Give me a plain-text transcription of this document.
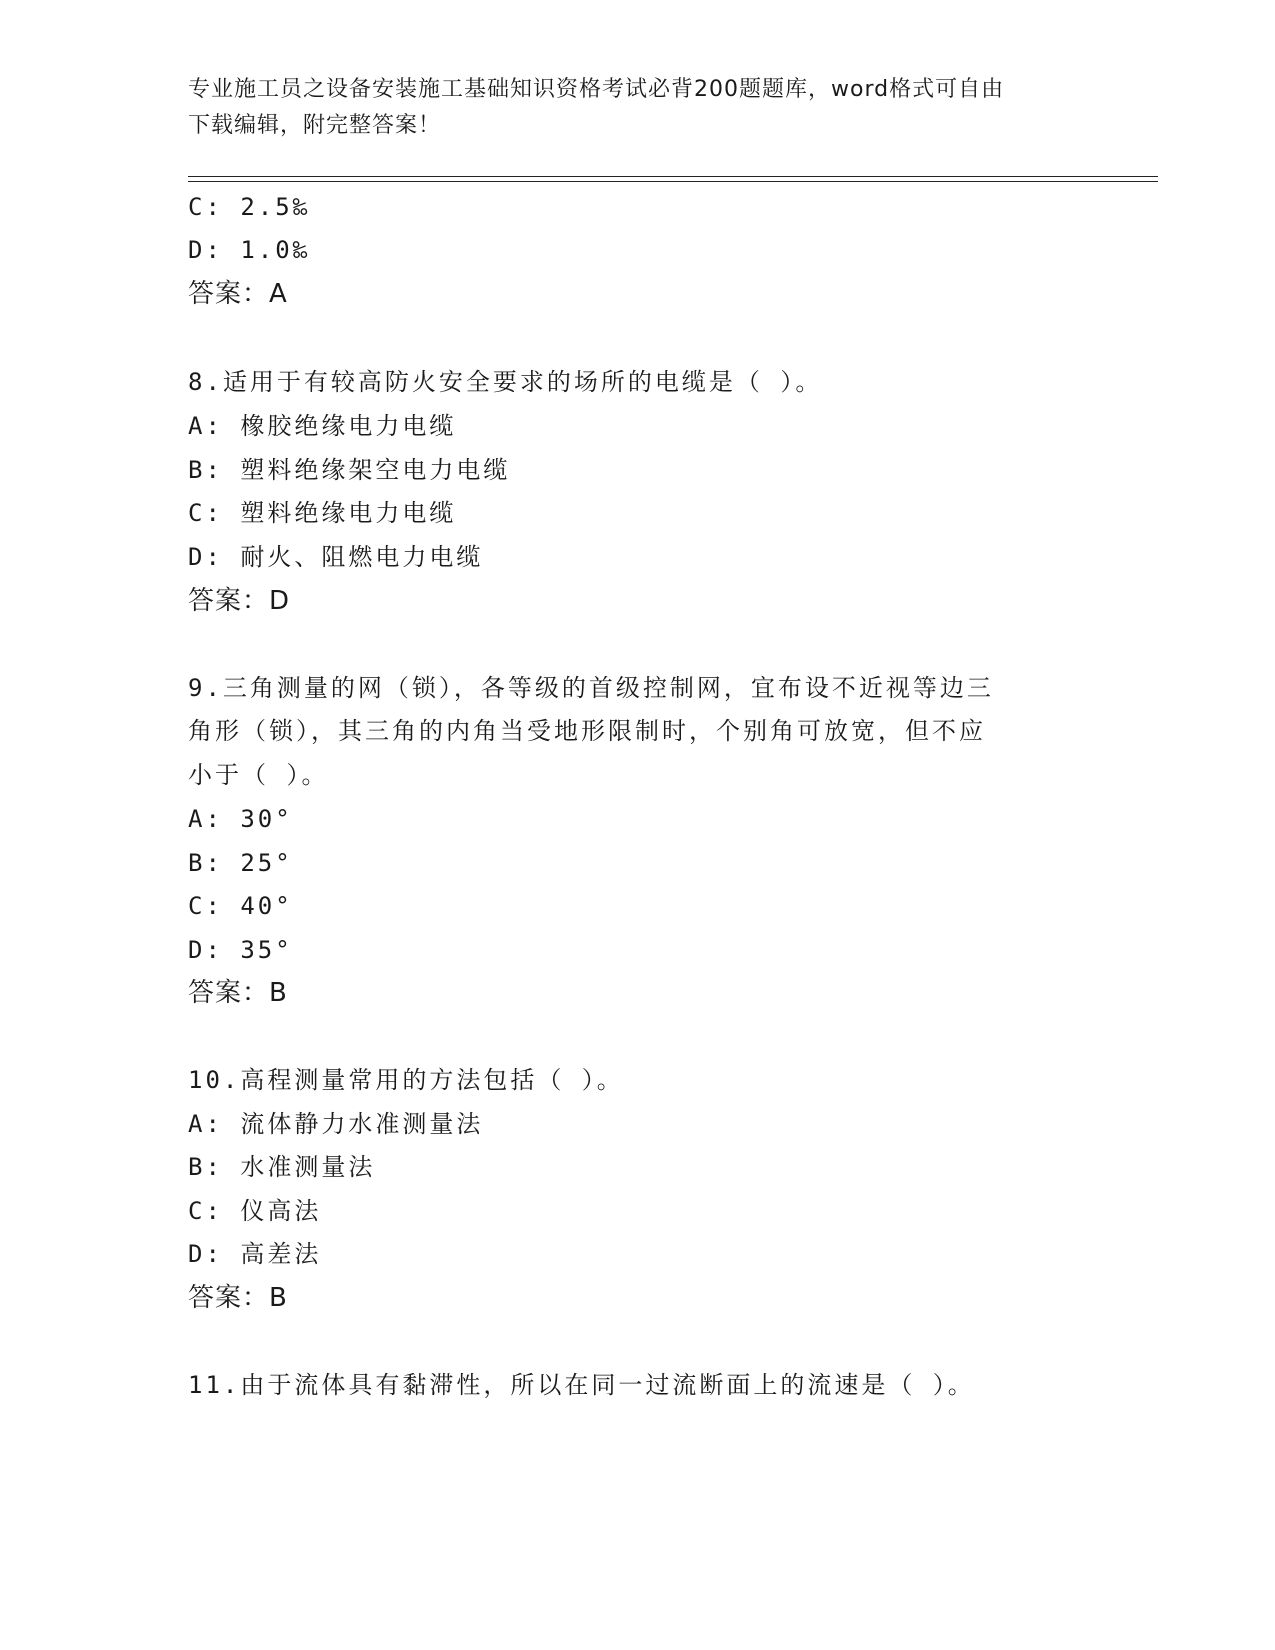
专业施工员之设备安装施工基础知识资格考试必背200题题库，word格式可自由
下载编辑，附完整答案！
C: 2.5‰
D: 1.0‰
答案：A
8.适用于有较高防火安全要求的场所的电缆是（ ）。
A: 橡胶绝缘电力电缆
B: 塑料绝缘架空电力电缆
C: 塑料绝缘电力电缆
D: 耐火、阻燃电力电缆
答案：D
9.三角测量的网（锁），各等级的首级控制网，宜布设不近视等边三
角形（锁），其三角的内角当受地形限制时，个别角可放宽，但不应
小于（ ）。
A: 30°
B: 25°
C: 40°
D: 35°
答案：B
10.高程测量常用的方法包括（ ）。
A: 流体静力水准测量法
B: 水准测量法
C: 仪高法
D: 高差法
答案：B
11.由于流体具有黏滞性，所以在同一过流断面上的流速是（ ）。
